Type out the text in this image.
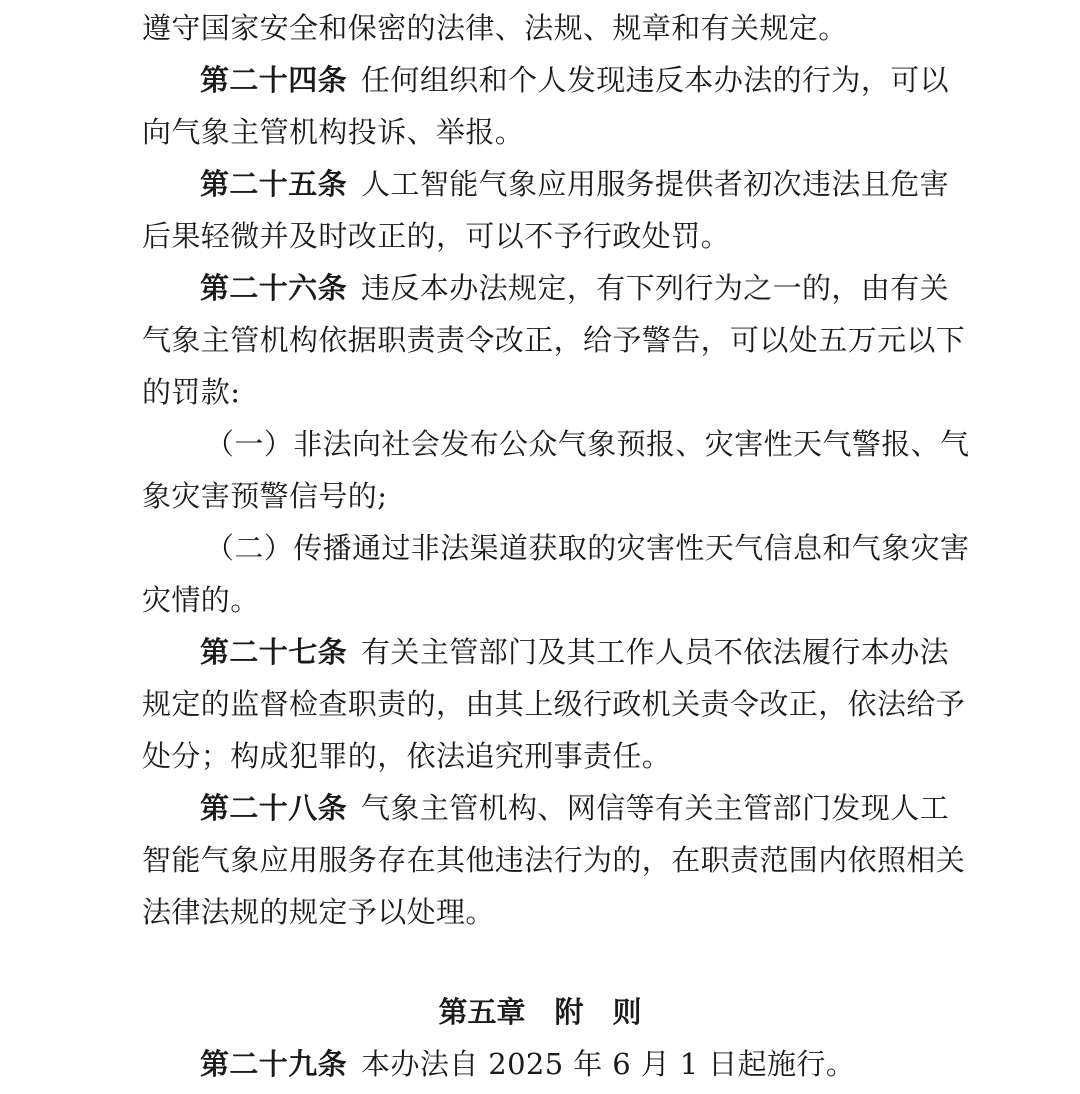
遵守国家安全和保密的法律、法规、规章和有关规定。
第二十四条 任何组织和个人发现违反本办法的行为，可以
向气象主管机构投诉、举报。
第二十五条 人工智能气象应用服务提供者初次违法且危害
后果轻微并及时改正的，可以不予行政处罚。
第二十六条 违反本办法规定，有下列行为之一的，由有关
气象主管机构依据职责责令改正，给予警告，可以处五万元以下
的罚款:
（一）非法向社会发布公众气象预报、灾害性天气警报、气
象灾害预警信号的;
（二）传播通过非法渠道获取的灾害性天气信息和气象灾害
灾情的。
第二十七条 有关主管部门及其工作人员不依法履行本办法
规定的监督检查职责的，由其上级行政机关责令改正，依法给予
处分；构成犯罪的，依法追究刑事责任。
第二十八条 气象主管机构、网信等有关主管部门发现人工
智能气象应用服务存在其他违法行为的，在职责范围内依照相关
法律法规的规定予以处理。
第五章　附　则
第二十九条 本办法自 2025 年 6 月 1 日起施行。
